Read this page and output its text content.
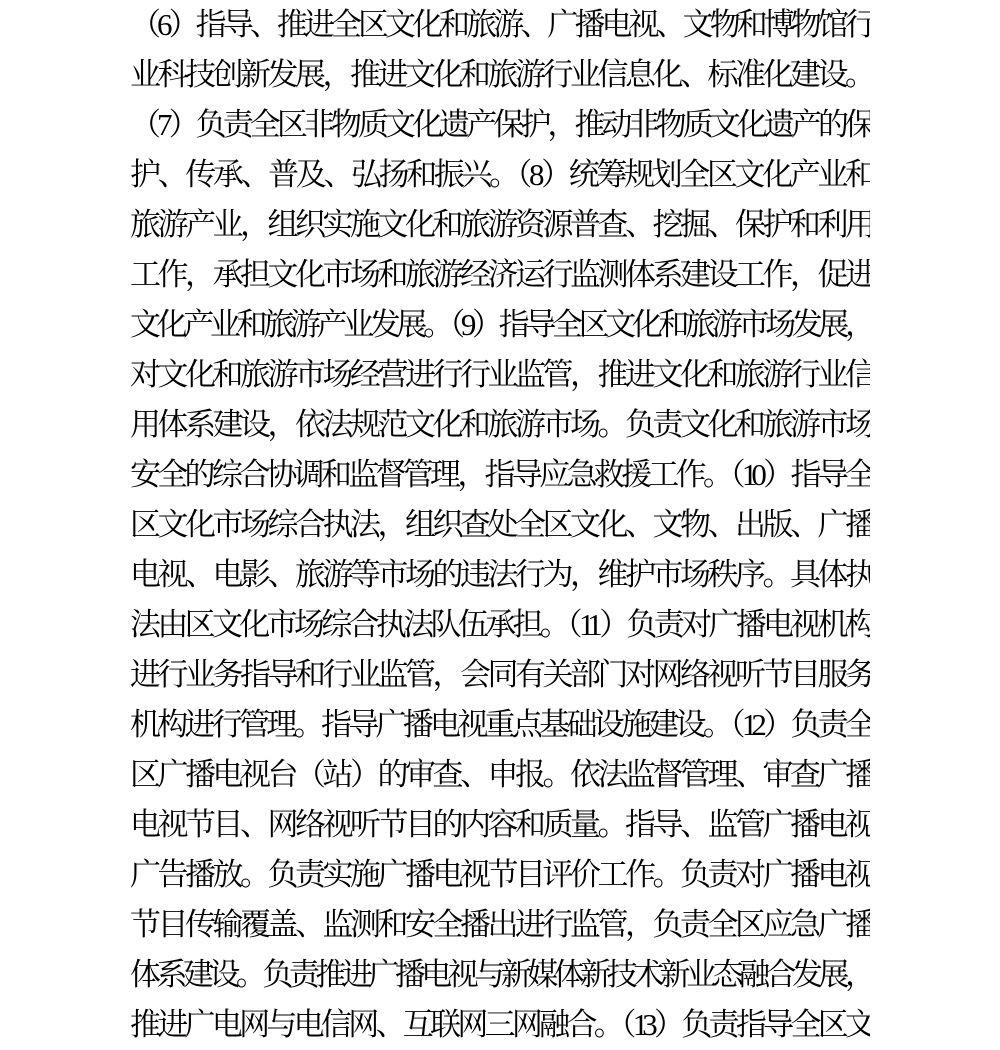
（6）指导、推进全区文化和旅游、广播电视、文物和博物馆行

业科技创新发展，推进文化和旅游行业信息化、标准化建设。

（7）负责全区非物质文化遗产保护，推动非物质文化遗产的保

护、传承、普及、弘扬和振兴。（8）统筹规划全区文化产业和

旅游产业，组织实施文化和旅游资源普查、挖掘、保护和利用

工作，承担文化市场和旅游经济运行监测体系建设工作，促进

文化产业和旅游产业发展。（9）指导全区文化和旅游市场发展，

对文化和旅游市场经营进行行业监管，推进文化和旅游行业信

用体系建设，依法规范文化和旅游市场。负责文化和旅游市场

安全的综合协调和监督管理，指导应急救援工作。（10）指导全

区文化市场综合执法，组织查处全区文化、文物、出版、广播

电视、电影、旅游等市场的违法行为，维护市场秩序。具体执

法由区文化市场综合执法队伍承担。（11）负责对广播电视机构

进行业务指导和行业监管，会同有关部门对网络视听节目服务

机构进行管理。指导广播电视重点基础设施建设。（12）负责全

区广播电视台（站）的审查、申报。依法监督管理、审查广播

电视节目、网络视听节目的内容和质量。指导、监管广播电视

广告播放。负责实施广播电视节目评价工作。负责对广播电视

节目传输覆盖、监测和安全播出进行监管，负责全区应急广播

体系建设。负责推进广播电视与新媒体新技术新业态融合发展，

推进广电网与电信网、互联网三网融合。（13）负责指导全区文
